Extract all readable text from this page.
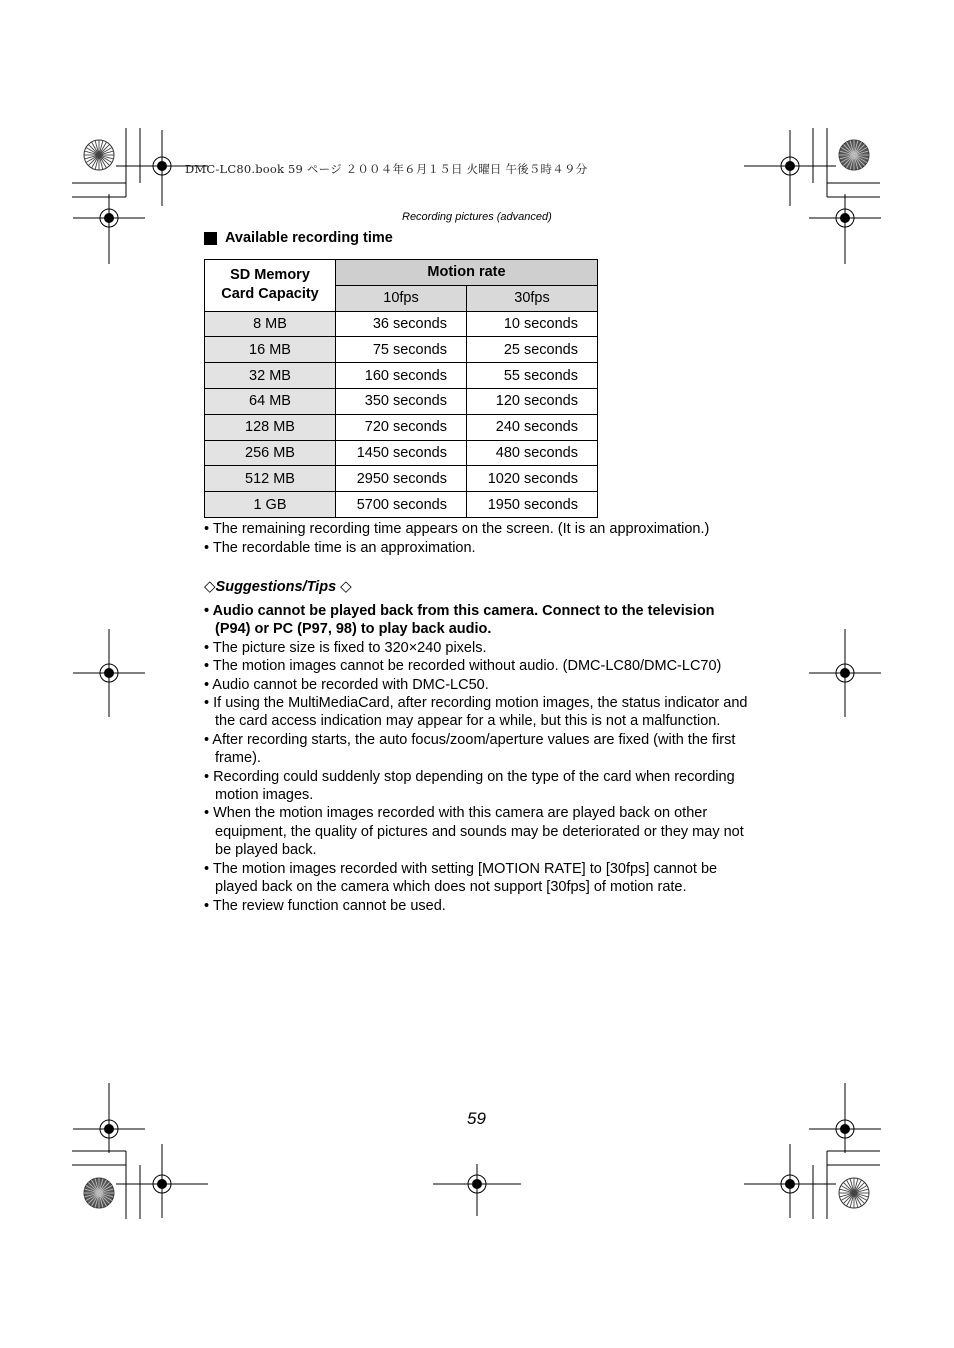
DMC-LC80.book 59 ページ ２００４年６月１５日 火曜日 午後５時４９分
Recording pictures (advanced)
Available recording time
SD Memory
Card Capacity	Motion rate	
	10fps	30fps
8 MB	36 seconds	10 seconds
16 MB	75 seconds	25 seconds
32 MB	160 seconds	55 seconds
64 MB	350 seconds	120 seconds
128 MB	720 seconds	240 seconds
256 MB	1450 seconds	480 seconds
512 MB	2950 seconds	1020 seconds
1 GB	5700 seconds	1950 seconds
• The remaining recording time appears on the screen. (It is an approximation.)
• The recordable time is an approximation.
◇Suggestions/Tips ◇
• Audio cannot be played back from this camera. Connect to the television (P94) or PC (P97, 98) to play back audio.
• The picture size is fixed to 320×240 pixels.
• The motion images cannot be recorded without audio. (DMC-LC80/DMC-LC70)
• Audio cannot be recorded with DMC-LC50.
• If using the MultiMediaCard, after recording motion images, the status indicator and the card access indication may appear for a while, but this is not a malfunction.
• After recording starts, the auto focus/zoom/aperture values are fixed (with the first frame).
• Recording could suddenly stop depending on the type of the card when recording motion images.
• When the motion images recorded with this camera are played back on other equipment, the quality of pictures and sounds may be deteriorated or they may not be played back.
• The motion images recorded with setting [MOTION RATE] to [30fps] cannot be played back on the camera which does not support [30fps] of motion rate.
• The review function cannot be used.
59
